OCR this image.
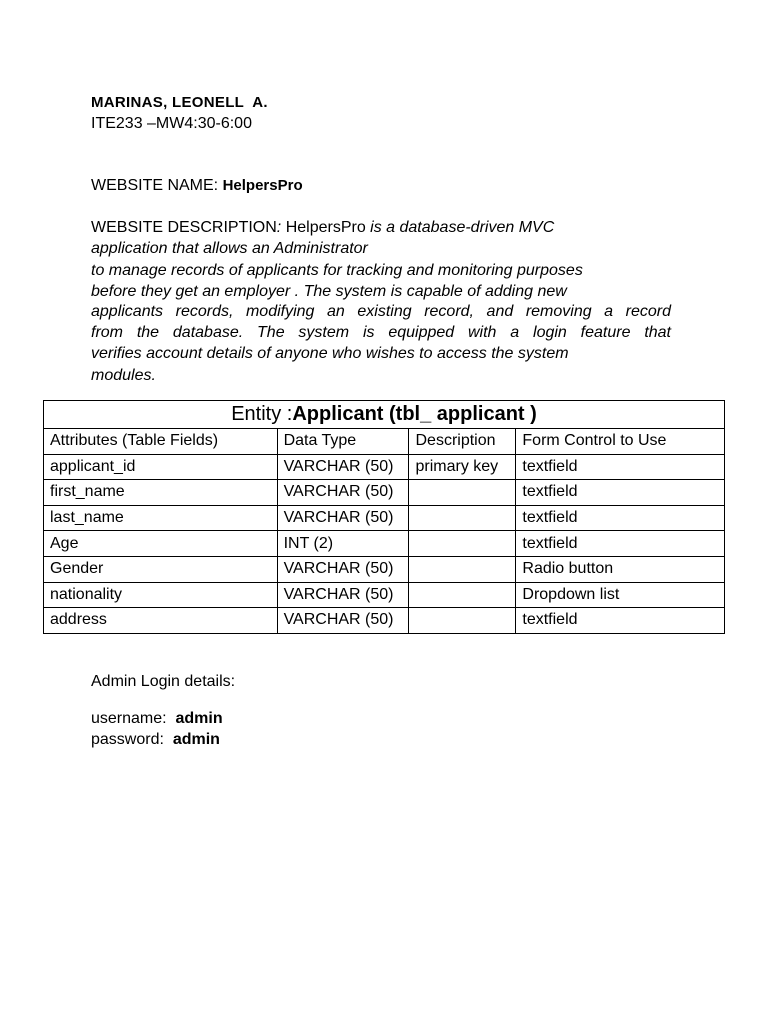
MARINAS, LEONELL  A.
ITE233 –MW4:30-6:00
WEBSITE NAME: HelpersPro
WEBSITE DESCRIPTION: HelpersPro is a database-driven MVC
application that allows an Administrator
to manage records of applicants for tracking and monitoring purposes
before they get an employer . The system is capable of adding new
applicants records, modifying an existing record, and removing a record
from the database. The system is equipped with a login feature that
verifies account details of anyone who wishes to access the system
modules.
Entity :Applicant (tbl_ applicant )			
Attributes (Table Fields)	Data Type	Description	Form Control to Use
applicant_id	VARCHAR (50)	primary key	textfield
first_name	VARCHAR (50)		textfield
last_name	VARCHAR (50)		textfield
Age	INT (2)		textfield
Gender	VARCHAR (50)		Radio button
nationality	VARCHAR (50)		Dropdown list
address	VARCHAR (50)		textfield
Admin Login details:
username:  admin
password:  admin
